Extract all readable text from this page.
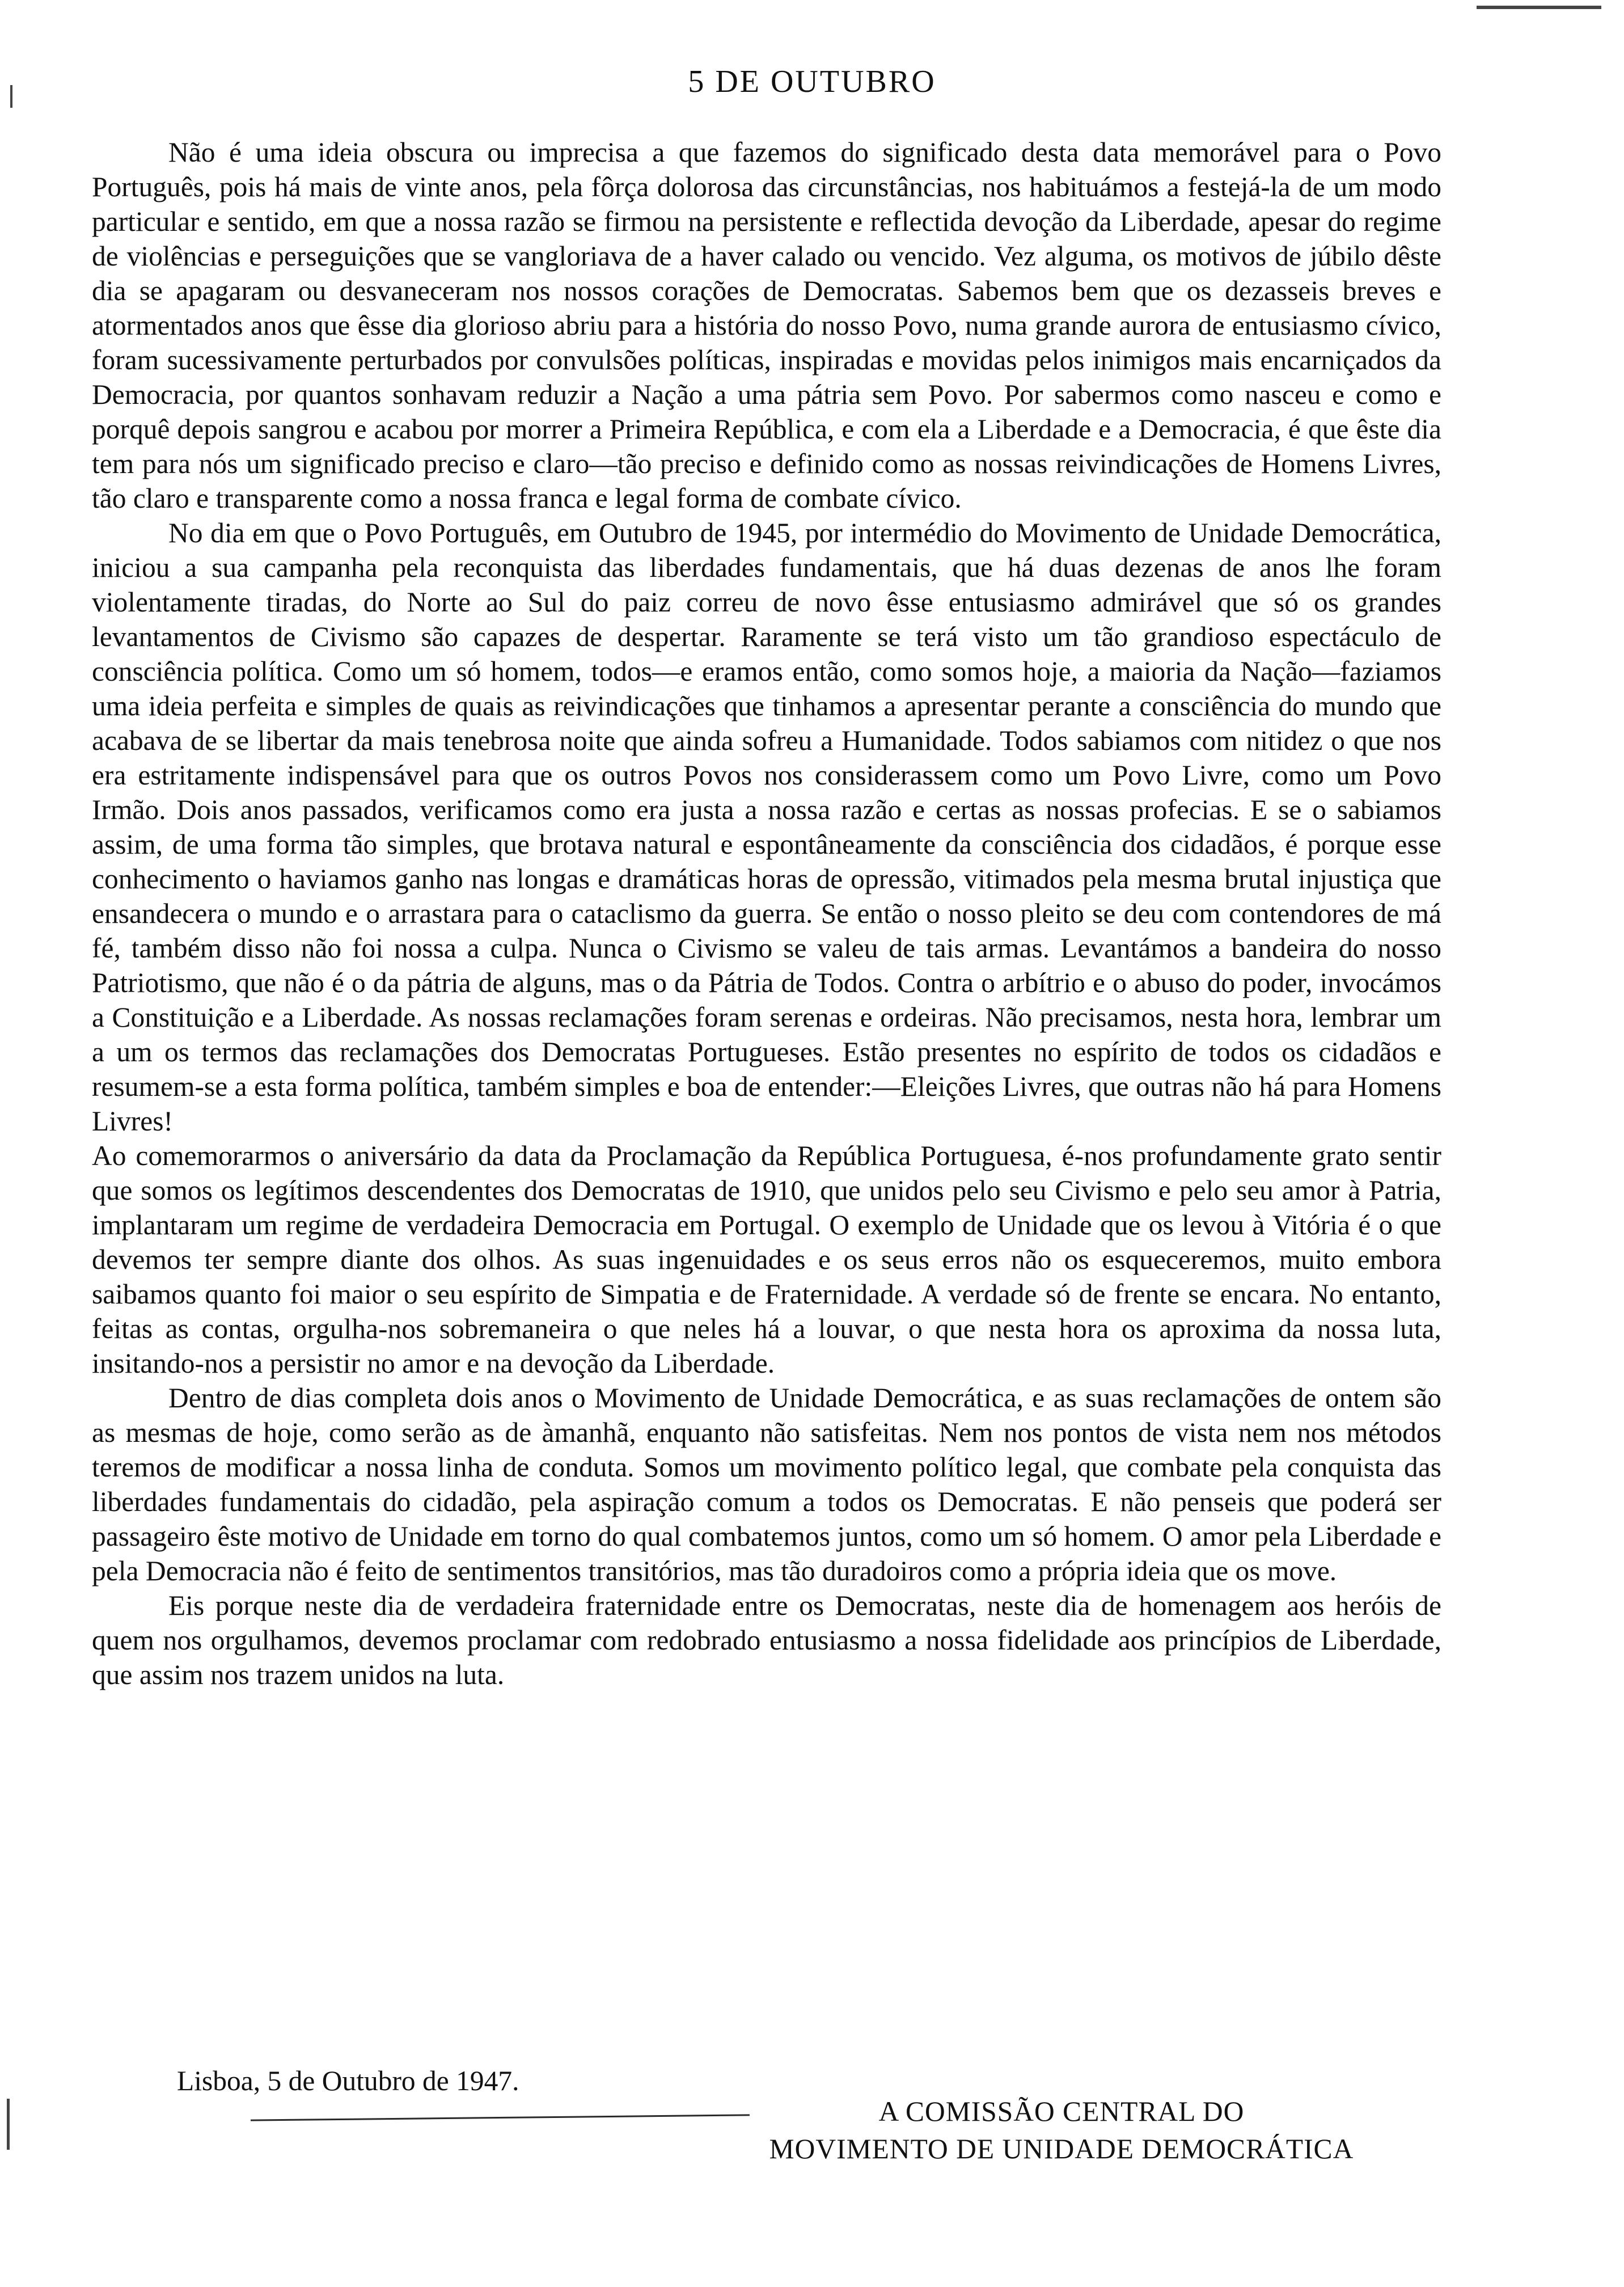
5 DE OUTUBRO

Não é uma ideia obscura ou imprecisa a que fazemos do significado desta data memorável para o Povo Português, pois há mais de vinte anos, pela fôrça dolorosa das circunstâncias, nos habituámos a festejá-la de um modo particular e sentido, em que a nossa razão se firmou na persistente e reflectida devoção da Liberdade, apesar do regime de violências e perseguições que se vangloriava de a haver calado ou vencido. Vez alguma, os motivos de júbilo dêste dia se apagaram ou desvaneceram nos nossos corações de Democratas. Sabemos bem que os dezasseis breves e atormentados anos que êsse dia glorioso abriu para a história do nosso Povo, numa grande aurora de entusiasmo cívico, foram sucessivamente perturbados por convulsões políticas, inspiradas e movidas pelos inimigos mais encarniçados da Democracia, por quantos sonhavam reduzir a Nação a uma pátria sem Povo. Por sabermos como nasceu e como e porquê depois sangrou e acabou por morrer a Primeira República, e com ela a Liberdade e a Democracia, é que êste dia tem para nós um significado preciso e claro—tão preciso e definido como as nossas reivindicações de Homens Livres, tão claro e transparente como a nossa franca e legal forma de combate cívico.

No dia em que o Povo Português, em Outubro de 1945, por intermédio do Movimento de Unidade Democrática, iniciou a sua campanha pela reconquista das liberdades fundamentais, que há duas dezenas de anos lhe foram violentamente tiradas, do Norte ao Sul do paiz correu de novo êsse entusiasmo admirável que só os grandes levantamentos de Civismo são capazes de despertar. Raramente se terá visto um tão grandioso espectáculo de consciência política. Como um só homem, todos—e eramos então, como somos hoje, a maioria da Nação—faziamos uma ideia perfeita e simples de quais as reivindicações que tinhamos a apresentar perante a consciência do mundo que acabava de se libertar da mais tenebrosa noite que ainda sofreu a Humanidade. Todos sabiamos com nitidez o que nos era estritamente indispensável para que os outros Povos nos considerassem como um Povo Livre, como um Povo Irmão. Dois anos passados, verificamos como era justa a nossa razão e certas as nossas profecias. E se o sabiamos assim, de uma forma tão simples, que brotava natural e espontâneamente da consciência dos cidadãos, é porque esse conhecimento o haviamos ganho nas longas e dramáticas horas de opressão, vitimados pela mesma brutal injustiça que ensandecera o mundo e o arrastara para o cataclismo da guerra. Se então o nosso pleito se deu com contendores de má fé, também disso não foi nossa a culpa. Nunca o Civismo se valeu de tais armas. Levantámos a bandeira do nosso Patriotismo, que não é o da pátria de alguns, mas o da Pátria de Todos. Contra o arbítrio e o abuso do poder, invocámos a Constituição e a Liberdade. As nossas reclamações foram serenas e ordeiras. Não precisamos, nesta hora, lembrar um a um os termos das reclamações dos Democratas Portugueses. Estão presentes no espírito de todos os cidadãos e resumem-se a esta forma política, também simples e boa de entender:—Eleições Livres, que outras não há para Homens Livres!

Ao comemorarmos o aniversário da data da Proclamação da República Portuguesa, é-nos profundamente grato sentir que somos os legítimos descendentes dos Democratas de 1910, que unidos pelo seu Civismo e pelo seu amor à Patria, implantaram um regime de verdadeira Democracia em Portugal. O exemplo de Unidade que os levou à Vitória é o que devemos ter sempre diante dos olhos. As suas ingenuidades e os seus erros não os esqueceremos, muito embora saibamos quanto foi maior o seu espírito de Simpatia e de Fraternidade. A verdade só de frente se encara. No entanto, feitas as contas, orgulha-nos sobremaneira o que neles há a louvar, o que nesta hora os aproxima da nossa luta, insitando-nos a persistir no amor e na devoção da Liberdade.

Dentro de dias completa dois anos o Movimento de Unidade Democrática, e as suas reclamações de ontem são as mesmas de hoje, como serão as de àmanhã, enquanto não satisfeitas. Nem nos pontos de vista nem nos métodos teremos de modificar a nossa linha de conduta. Somos um movimento político legal, que combate pela conquista das liberdades fundamentais do cidadão, pela aspiração comum a todos os Democratas. E não penseis que poderá ser passageiro êste motivo de Unidade em torno do qual combatemos juntos, como um só homem. O amor pela Liberdade e pela Democracia não é feito de sentimentos transitórios, mas tão duradoiros como a própria ideia que os move.

Eis porque neste dia de verdadeira fraternidade entre os Democratas, neste dia de homenagem aos heróis de quem nos orgulhamos, devemos proclamar com redobrado entusiasmo a nossa fidelidade aos princípios de Liberdade, que assim nos trazem unidos na luta.

Lisboa, 5 de Outubro de 1947.
A COMISSÃO CENTRAL DO
MOVIMENTO DE UNIDADE DEMOCRÁTICA
